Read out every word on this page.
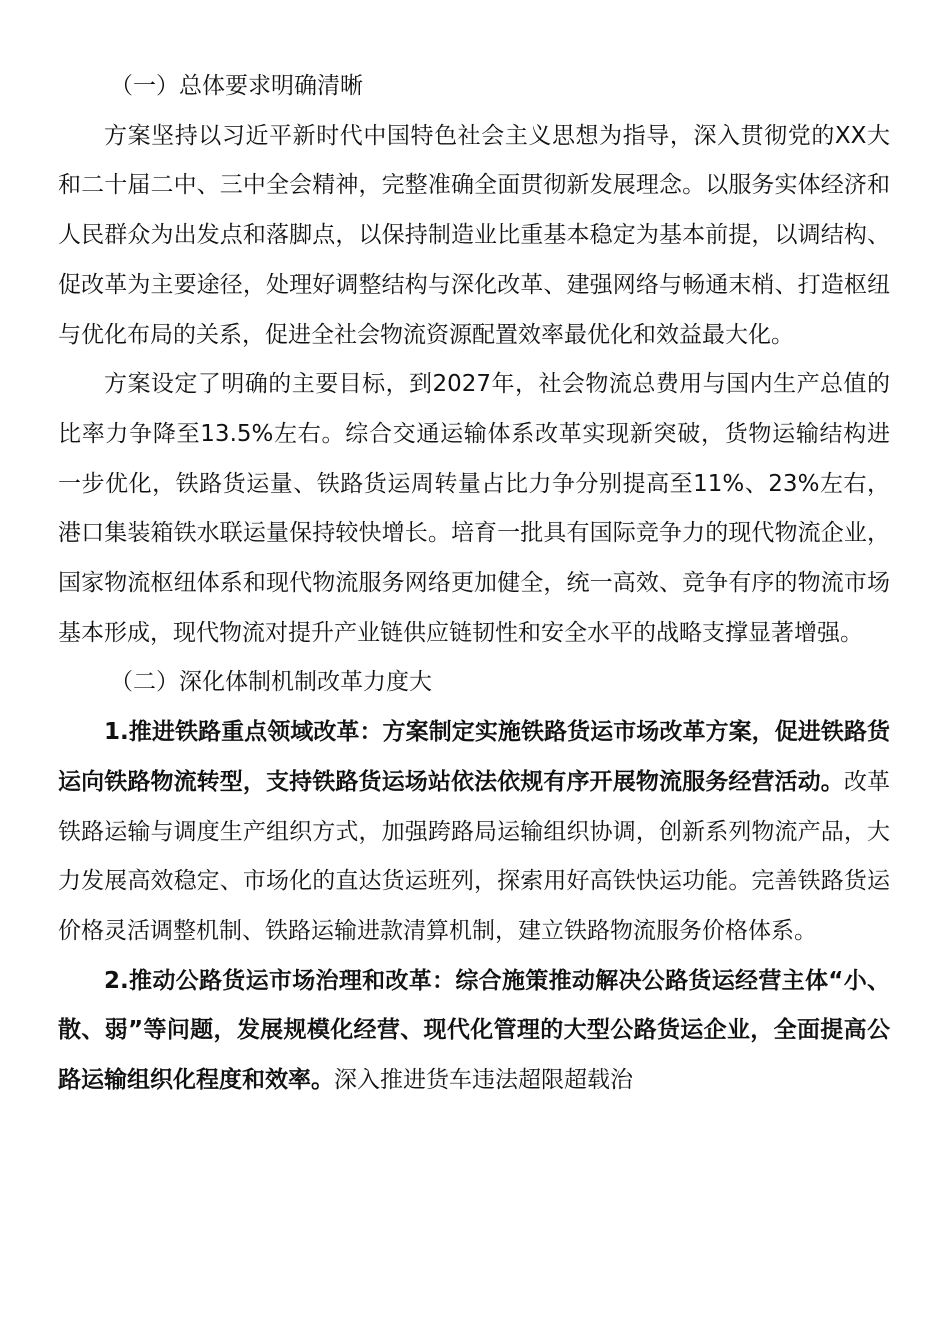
（一）总体要求明确清晰

方案坚持以习近平新时代中国特色社会主义思想为指导，深入贯彻党的XX大和二十届二中、三中全会精神，完整准确全面贯彻新发展理念。以服务实体经济和人民群众为出发点和落脚点，以保持制造业比重基本稳定为基本前提，以调结构、促改革为主要途径，处理好调整结构与深化改革、建强网络与畅通末梢、打造枢纽与优化布局的关系，促进全社会物流资源配置效率最优化和效益最大化。

方案设定了明确的主要目标，到2027年，社会物流总费用与国内生产总值的比率力争降至13.5%左右。综合交通运输体系改革实现新突破，货物运输结构进一步优化，铁路货运量、铁路货运周转量占比力争分别提高至11%、23%左右，港口集装箱铁水联运量保持较快增长。培育一批具有国际竞争力的现代物流企业，国家物流枢纽体系和现代物流服务网络更加健全，统一高效、竞争有序的物流市场基本形成，现代物流对提升产业链供应链韧性和安全水平的战略支撑显著增强。

（二）深化体制机制改革力度大

1.推进铁路重点领域改革：方案制定实施铁路货运市场改革方案，促进铁路货运向铁路物流转型，支持铁路货运场站依法依规有序开展物流服务经营活动。改革铁路运输与调度生产组织方式，加强跨路局运输组织协调，创新系列物流产品，大力发展高效稳定、市场化的直达货运班列，探索用好高铁快运功能。完善铁路货运价格灵活调整机制、铁路运输进款清算机制，建立铁路物流服务价格体系。

2.推动公路货运市场治理和改革：综合施策推动解决公路货运经营主体“小、散、弱”等问题，发展规模化经营、现代化管理的大型公路货运企业，全面提高公路运输组织化程度和效率。深入推进货车违法超限超载治
